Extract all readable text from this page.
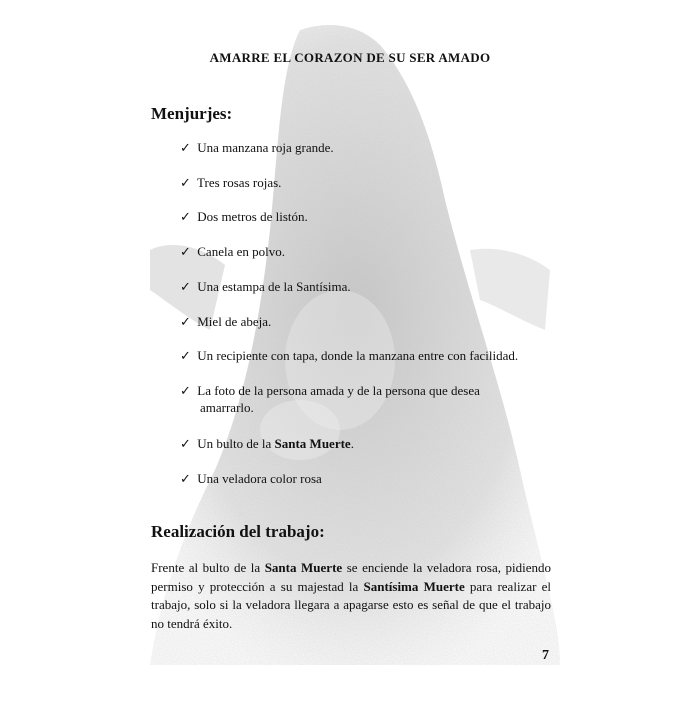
AMARRE EL CORAZON DE SU SER AMADO
Menjurjes:
✓ Una manzana roja grande.
✓ Tres rosas rojas.
✓ Dos metros de listón.
✓ Canela en polvo.
✓ Una estampa de la Santísima.
✓ Miel de abeja.
✓ Un recipiente con tapa, donde la manzana entre con facilidad.
✓ La foto de la persona amada y de la persona que desea
amarrarlo.
✓ Un bulto de la Santa Muerte.
✓ Una veladora color rosa
Realización del trabajo:
Frente al bulto de la Santa Muerte se enciende la veladora rosa, pidiendo permiso y protección a su majestad la Santísima Muerte para realizar el trabajo, solo si la veladora llegara a apagarse esto es señal de que el trabajo no tendrá éxito.
7
